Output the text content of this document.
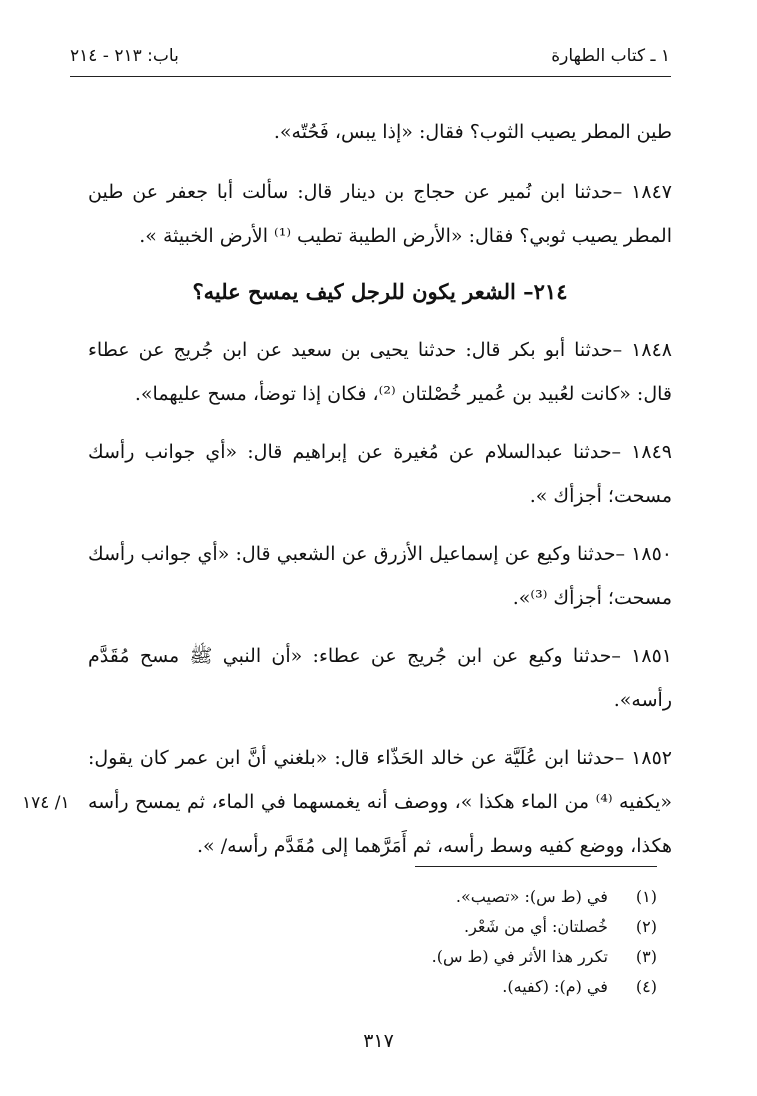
١ ـ كتاب الطهارة
باب: ٢١٣ - ٢١٤

طين المطر يصيب الثوب؟ فقال: «إذا يبس، فَحُتّه».

١٨٤٧ –حدثنا ابن نُمير عن حجاج بن دينار قال: سألت أبا جعفر عن طين المطر يصيب ثوبي؟ فقال: «الأرض الطيبة تطيب ⁽¹⁾ الأرض الخبيثة ».

٢١٤– الشعر يكون للرجل كيف يمسح عليه؟

١٨٤٨ –حدثنا أبو بكر قال: حدثنا يحيى بن سعيد عن ابن جُريج عن عطاء قال: «كانت لعُبيد بن عُمير خُصْلتان ⁽²⁾، فكان إذا توضأ، مسح عليهما».

١٨٤٩ –حدثنا عبدالسلام عن مُغيرة عن إبراهيم قال: «أي جوانب رأسك مسحت؛ أجزأك ».

١٨٥٠ –حدثنا وكيع عن إسماعيل الأزرق عن الشعبي قال: «أي جوانب رأسك مسحت؛ أجزأك ⁽³⁾».

١٨٥١ –حدثنا وكيع عن ابن جُريج عن عطاء: «أن النبي ﷺ مسح مُقَدَّم رأسه».

١٨٥٢ –حدثنا ابن عُلَيَّة عن خالد الحَذّاء قال: «بلغني أنَّ ابن عمر كان يقول: «يكفيه ⁽⁴⁾ من الماء هكذا »، ووصف أنه يغمسهما في الماء، ثم يمسح رأسه هكذا، ووضع كفيه وسط رأسه، ثم أَمَرَّهما إلى مُقَدَّم رأسه/ ».

١/ ١٧٤
(١) في (ط س): «تصيب».
(٢) خُصلتان: أي من شَعْر.
(٣) تكرر هذا الأثر في (ط س).
(٤) في (م): (كفيه).
٣١٧
